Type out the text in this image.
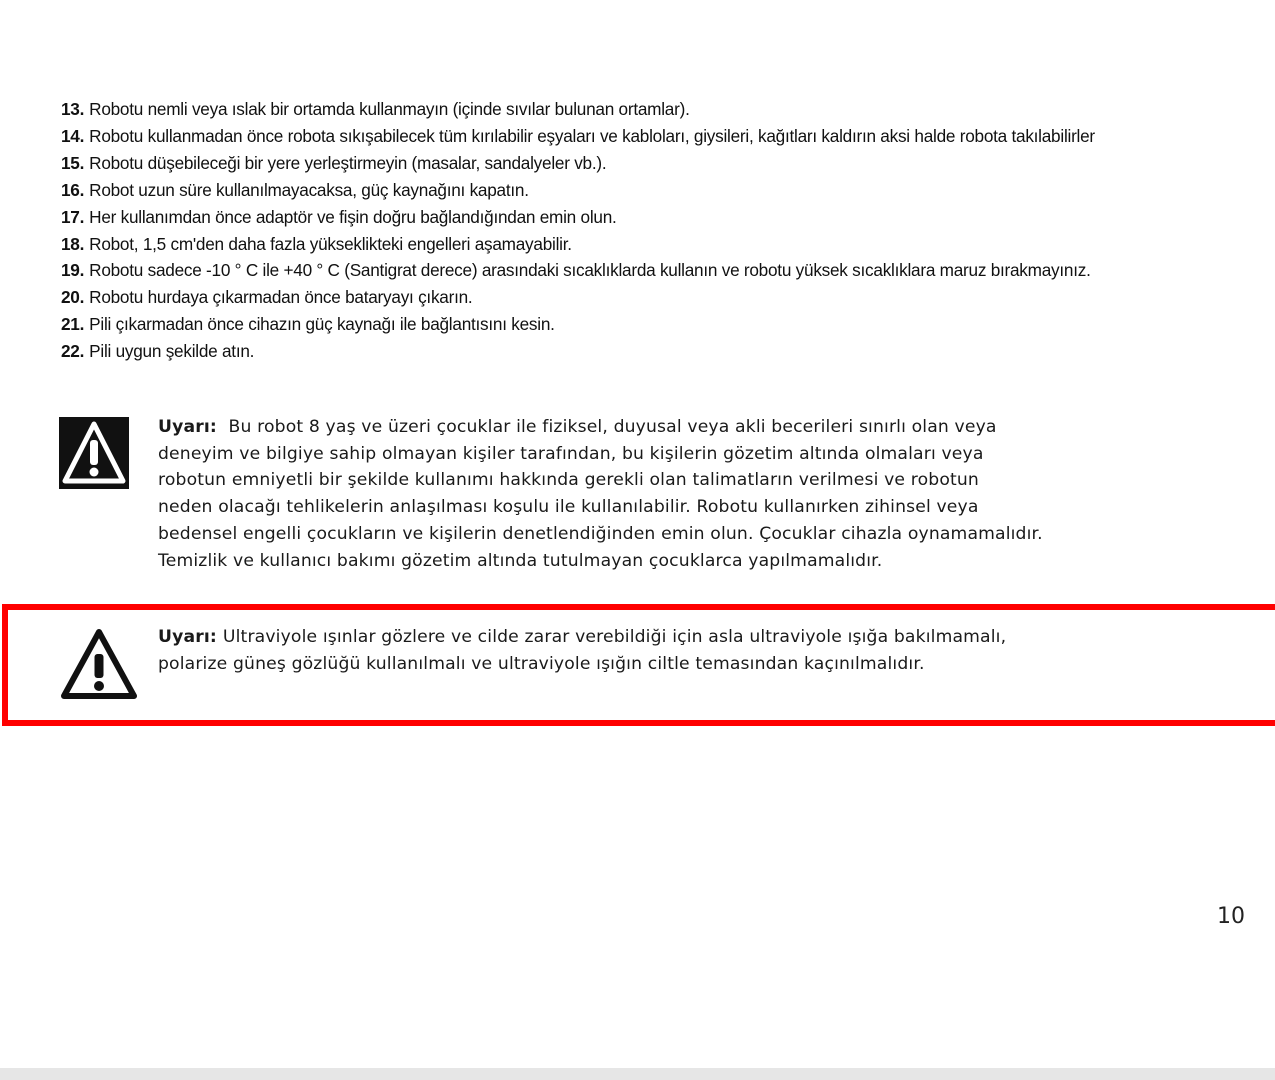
13. Robotu nemli veya ıslak bir ortamda kullanmayın (içinde sıvılar bulunan ortamlar).
14. Robotu kullanmadan önce robota sıkışabilecek tüm kırılabilir eşyaları ve kabloları, giysileri, kağıtları kaldırın aksi halde robota takılabilirler
15. Robotu düşebileceği bir yere yerleştirmeyin (masalar, sandalyeler vb.).
16. Robot uzun süre kullanılmayacaksa, güç kaynağını kapatın.
17. Her kullanımdan önce adaptör ve fişin doğru bağlandığından emin olun.
18. Robot, 1,5 cm'den daha fazla yükseklikteki engelleri aşamayabilir.
19. Robotu sadece -10 ° C ile +40 ° C (Santigrat derece) arasındaki sıcaklıklarda kullanın ve robotu yüksek sıcaklıklara maruz bırakmayınız.
20. Robotu hurdaya çıkarmadan önce bataryayı çıkarın.
21. Pili çıkarmadan önce cihazın güç kaynağı ile bağlantısını kesin.
22. Pili uygun şekilde atın.
Uyarı: Bu robot 8 yaş ve üzeri çocuklar ile fiziksel, duyusal veya akli becerileri sınırlı olan veya
deneyim ve bilgiye sahip olmayan kişiler tarafından, bu kişilerin gözetim altında olmaları veya
robotun emniyetli bir şekilde kullanımı hakkında gerekli olan talimatların verilmesi ve robotun
neden olacağı tehlikelerin anlaşılması koşulu ile kullanılabilir. Robotu kullanırken zihinsel veya
bedensel engelli çocukların ve kişilerin denetlendiğinden emin olun. Çocuklar cihazla oynamamalıdır.
Temizlik ve kullanıcı bakımı gözetim altında tutulmayan çocuklarca yapılmamalıdır.
Uyarı: Ultraviyole ışınlar gözlere ve cilde zarar verebildiği için asla ultraviyole ışığa bakılmamalı,
polarize güneş gözlüğü kullanılmalı ve ultraviyole ışığın ciltle temasından kaçınılmalıdır.
10
